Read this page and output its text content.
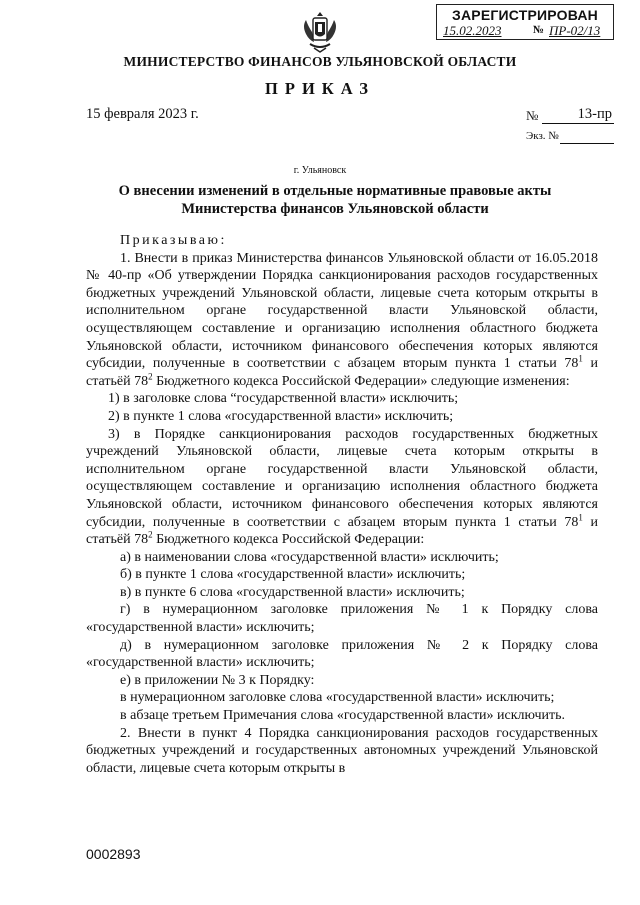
ЗАРЕГИСТРИРОВАН
15.02.2023	№ ПР-02/13
МИНИСТЕРСТВО ФИНАНСОВ УЛЬЯНОВСКОЙ ОБЛАСТИ
ПРИКАЗ
15 февраля 2023 г.	№	13-пр
Экз. №
г. Ульяновск
О внесении изменений в отдельные нормативные правовые акты
Министерства финансов Ульяновской области

Приказываю:

1. Внести в приказ Министерства финансов Ульяновской области от 16.05.2018 № 40-пр «Об утверждении Порядка санкционирования расходов государственных бюджетных учреждений Ульяновской области, лицевые счета которым открыты в исполнительном органе государственной власти Ульяновской области, осуществляющем составление и организацию исполнения областного бюджета Ульяновской области, источником финансового обеспечения которых являются субсидии, полученные в соответствии с абзацем вторым пункта 1 статьи $78^1$ и статьёй $78^2$ Бюджетного кодекса Российской Федерации» следующие изменения:

1) в заголовке слова “государственной власти» исключить;

2) в пункте 1 слова «государственной власти» исключить;

3) в Порядке санкционирования расходов государственных бюджетных учреждений Ульяновской области, лицевые счета которым открыты в исполнительном органе государственной власти Ульяновской области, осуществляющем составление и организацию исполнения областного бюджета Ульяновской области, источником финансового обеспечения которых являются субсидии, полученные в соответствии с абзацем вторым пункта 1 статьи $78^1$ и статьёй $78^2$ Бюджетного кодекса Российской Федерации:

а) в наименовании слова «государственной власти» исключить;

б) в пункте 1 слова «государственной власти» исключить;

в) в пункте 6 слова «государственной власти» исключить;

г) в нумерационном заголовке приложения № 1 к Порядку слова «государственной власти» исключить;

д) в нумерационном заголовке приложения № 2 к Порядку слова «государственной власти» исключить;

е) в приложении № 3 к Порядку:

в нумерационном заголовке слова «государственной власти» исключить;

в абзаце третьем Примечания слова «государственной власти» исключить.

2. Внести в пункт 4 Порядка санкционирования расходов государственных бюджетных учреждений и государственных автономных учреждений Ульяновской области, лицевые счета которым открыты в

0002893
